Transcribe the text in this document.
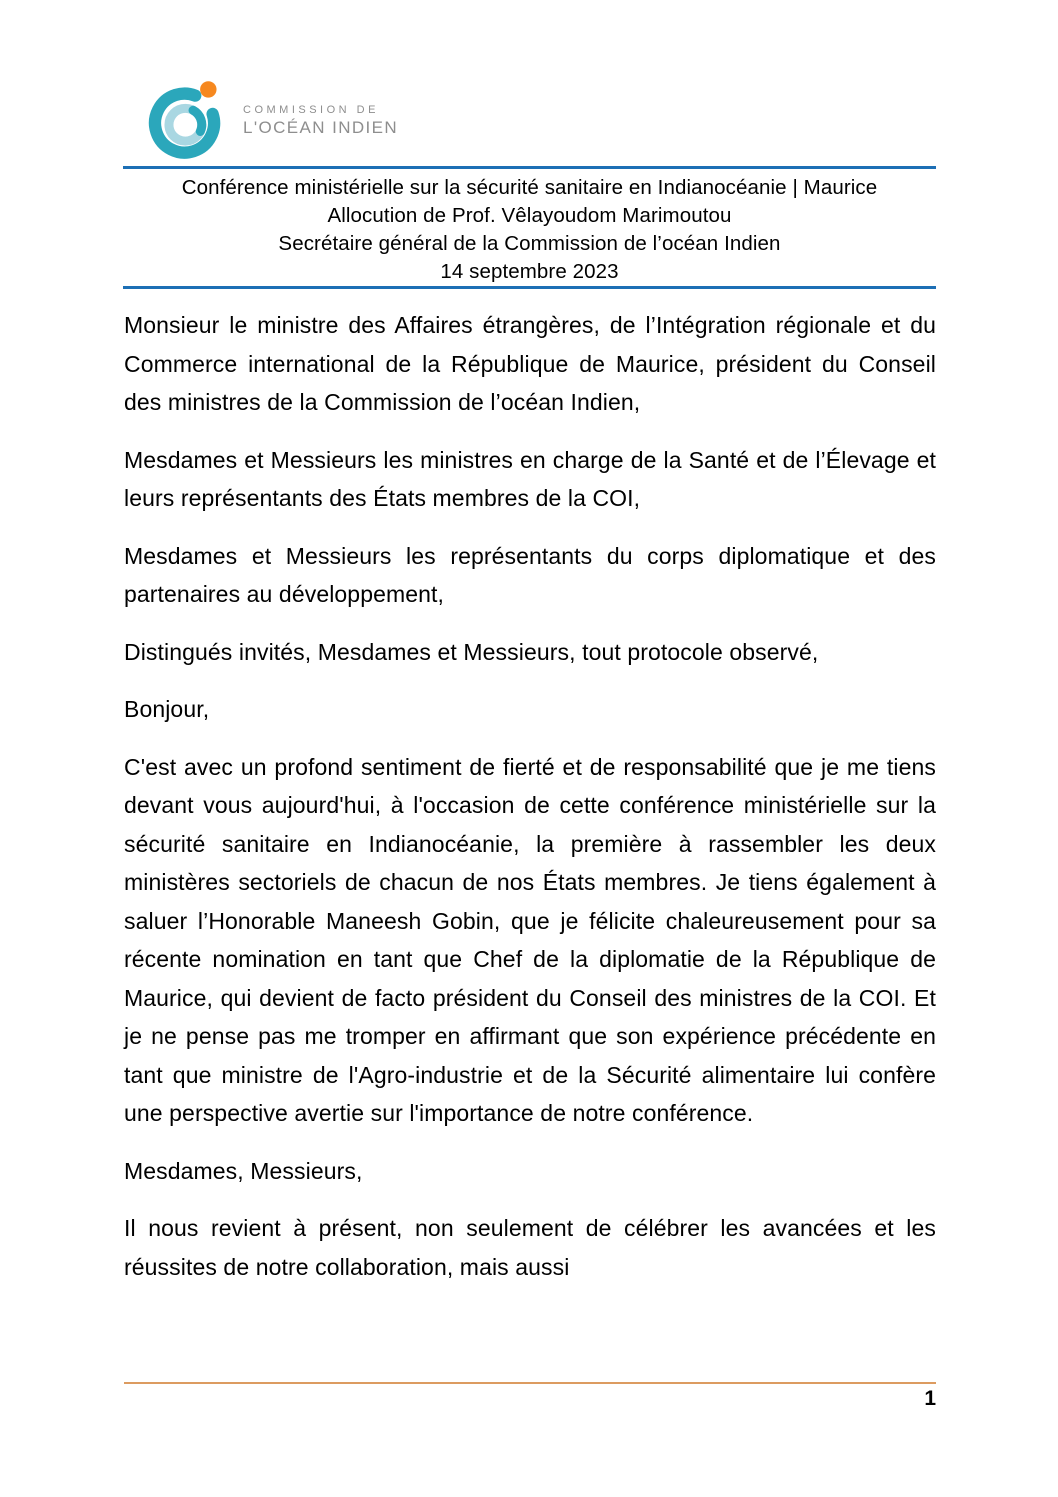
COMMISSION DE
L'OCÉAN INDIEN
Conférence ministérielle sur la sécurité sanitaire en Indianocéanie | Maurice
Allocution de Prof. Vêlayoudom Marimoutou
Secrétaire général de la Commission de l’océan Indien
14 septembre 2023

Monsieur le ministre des Affaires étrangères, de l’Intégration régionale et du Commerce international de la République de Maurice, président du Conseil des ministres de la Commission de l’océan Indien,

Mesdames et Messieurs les ministres en charge de la Santé et de l’Élevage et leurs représentants des États membres de la COI,

Mesdames et Messieurs les représentants du corps diplomatique et des partenaires au développement,

Distingués invités, Mesdames et Messieurs, tout protocole observé,

Bonjour,

C'est avec un profond sentiment de fierté et de responsabilité que je me tiens devant vous aujourd'hui, à l'occasion de cette conférence ministérielle sur la sécurité sanitaire en Indianocéanie, la première à rassembler les deux ministères sectoriels de chacun de nos États membres. Je tiens également à saluer l’Honorable Maneesh Gobin, que je félicite chaleureusement pour sa récente nomination en tant que Chef de la diplomatie de la République de Maurice, qui devient de facto président du Conseil des ministres de la COI. Et je ne pense pas me tromper en affirmant que son expérience précédente en tant que ministre de l'Agro-industrie et de la Sécurité alimentaire lui confère une perspective avertie sur l'importance de notre conférence.

Mesdames, Messieurs,

Il nous revient à présent, non seulement de célébrer les avancées et les réussites de notre collaboration, mais aussi

1
